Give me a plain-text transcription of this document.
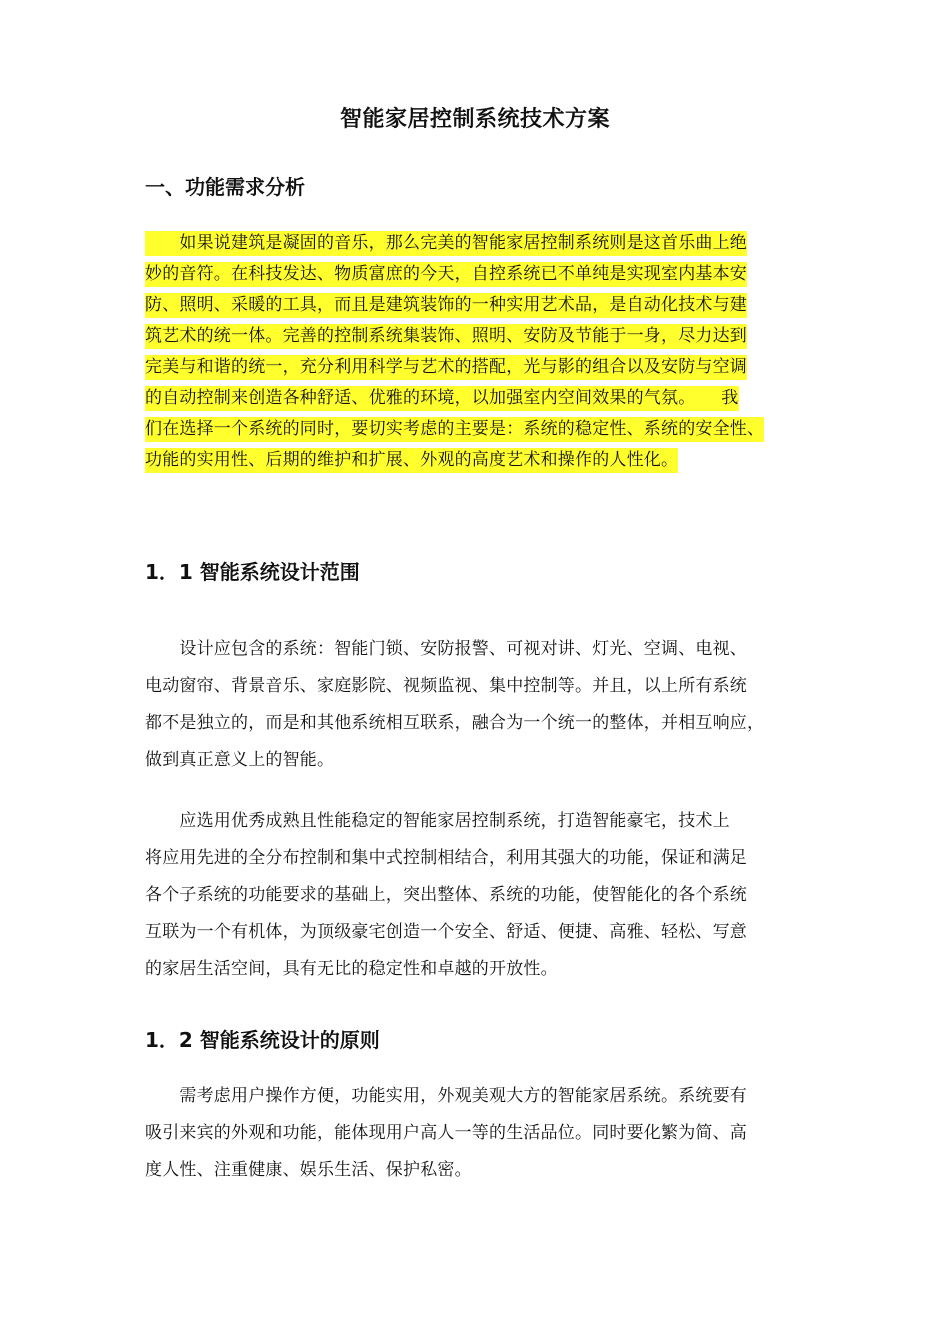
智能家居控制系统技术方案
一、功能需求分析
　　如果说建筑是凝固的音乐，那么完美的智能家居控制系统则是这首乐曲上绝
妙的音符。在科技发达、物质富庶的今天，自控系统已不单纯是实现室内基本安
防、照明、采暖的工具，而且是建筑装饰的一种实用艺术品，是自动化技术与建
筑艺术的统一体。完善的控制系统集装饰、照明、安防及节能于一身，尽力达到
完美与和谐的统一，充分利用科学与艺术的搭配，光与影的组合以及安防与空调
的自动控制来创造各种舒适、优雅的环境，以加强室内空间效果的气氛。　　我
们在选择一个系统的同时，要切实考虑的主要是：系统的稳定性、系统的安全性、
功能的实用性、后期的维护和扩展、外观的高度艺术和操作的人性化。
1．1 智能系统设计范围
　　设计应包含的系统：智能门锁、安防报警、可视对讲、灯光、空调、电视、
电动窗帘、背景音乐、家庭影院、视频监视、集中控制等。并且，以上所有系统
都不是独立的，而是和其他系统相互联系，融合为一个统一的整体，并相互响应，
做到真正意义上的智能。
　　应选用优秀成熟且性能稳定的智能家居控制系统，打造智能豪宅，技术上
将应用先进的全分布控制和集中式控制相结合，利用其强大的功能，保证和满足
各个子系统的功能要求的基础上，突出整体、系统的功能，使智能化的各个系统
互联为一个有机体，为顶级豪宅创造一个安全、舒适、便捷、高雅、轻松、写意
的家居生活空间，具有无比的稳定性和卓越的开放性。
1．2 智能系统设计的原则
　　需考虑用户操作方便，功能实用，外观美观大方的智能家居系统。系统要有
吸引来宾的外观和功能，能体现用户高人一等的生活品位。同时要化繁为简、高
度人性、注重健康、娱乐生活、保护私密。
